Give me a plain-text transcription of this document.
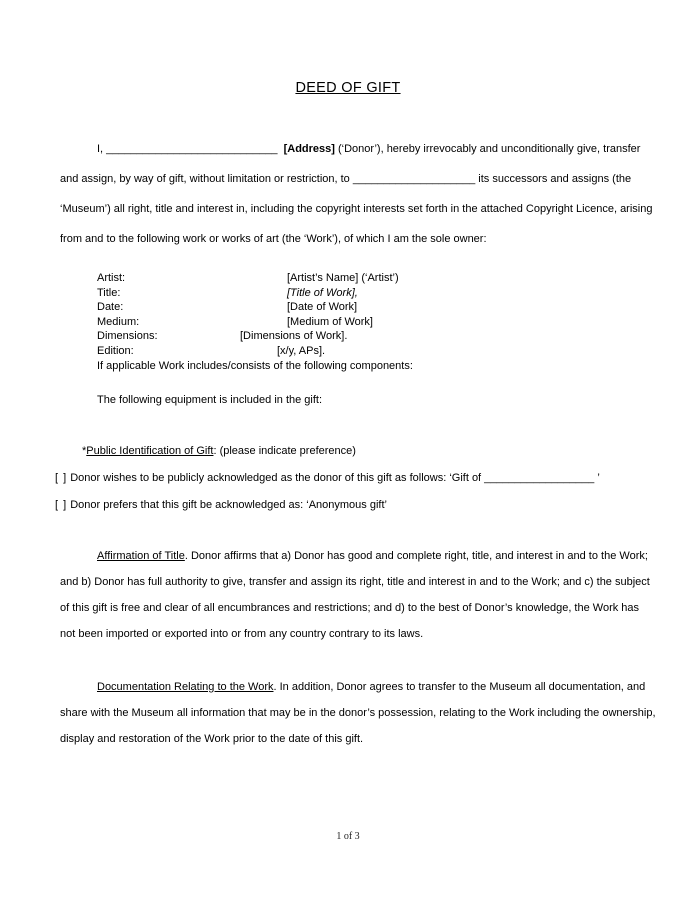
DEED OF GIFT
I, ____________________________ [Address] (‘Donor’), hereby irrevocably and unconditionally give, transfer and assign, by way of gift, without limitation or restriction, to ____________________ its successors and assigns (the ‘Museum’) all right, title and interest in, including the copyright interests set forth in the attached Copyright Licence, arising from and to the following work or works of art (the ‘Work’), of which I am the sole owner:
Artist:	[Artist’s Name] (‘Artist’)
Title:	[Title of Work],
Date:	[Date of Work]
Medium:	[Medium of Work]
Dimensions:	[Dimensions of Work].
Edition:	[x/y, APs].
If applicable Work includes/consists of the following components:
The following equipment is included in the gift:
*Public Identification of Gift: (please indicate preference)
[ ] Donor wishes to be publicly acknowledged as the donor of this gift as follows: ‘Gift of __________________ ’
[ ] Donor prefers that this gift be acknowledged as: ‘Anonymous gift’
Affirmation of Title. Donor affirms that a) Donor has good and complete right, title, and interest in and to the Work; and b) Donor has full authority to give, transfer and assign its right, title and interest in and to the Work; and c) the subject of this gift is free and clear of all encumbrances and restrictions; and d) to the best of Donor’s knowledge, the Work has not been imported or exported into or from any country contrary to its laws.
Documentation Relating to the Work. In addition, Donor agrees to transfer to the Museum all documentation, and share with the Museum all information that may be in the donor’s possession, relating to the Work including the ownership, display and restoration of the Work prior to the date of this gift.
1 of 3
